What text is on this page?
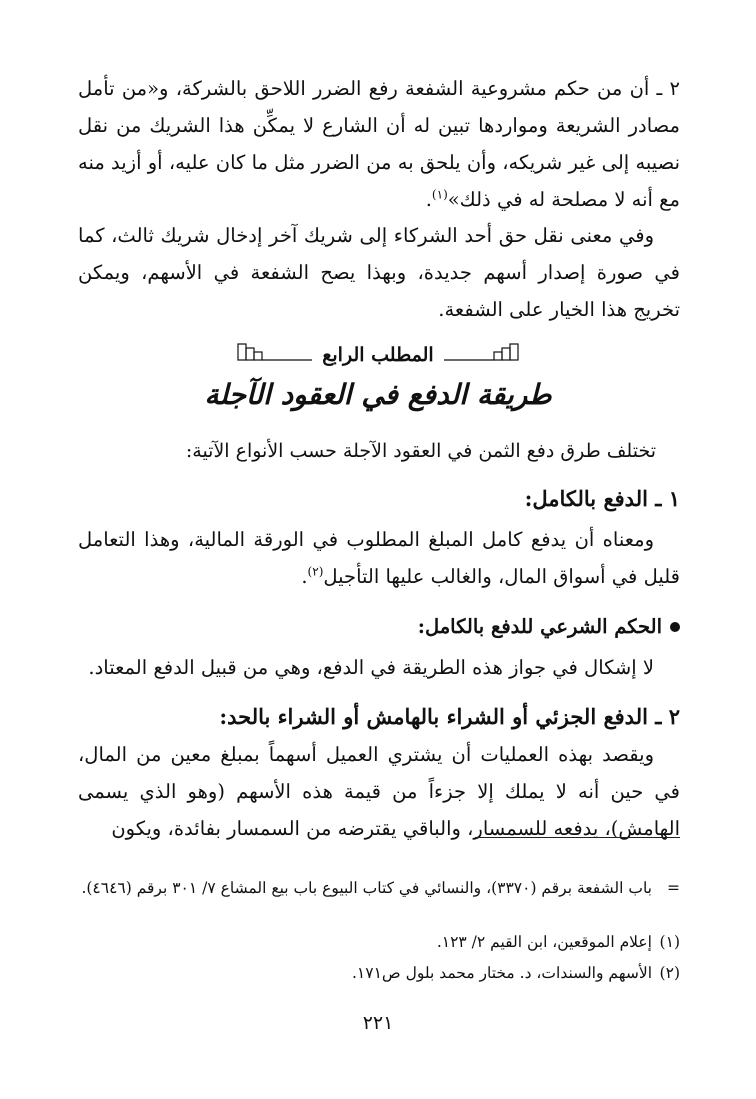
٢ ـ أن من حكم مشروعية الشفعة رفع الضرر اللاحق بالشركة، و«من تأمل مصادر الشريعة ومواردها تبين له أن الشارع لا يمكِّن هذا الشريك من نقل نصيبه إلى غير شريكه، وأن يلحق به من الضرر مثل ما كان عليه، أو أزيد منه مع أنه لا مصلحة له في ذلك»$^{(١)}$.

وفي معنى نقل حق أحد الشركاء إلى شريك آخر إدخال شريك ثالث، كما في صورة إصدار أسهم جديدة، وبهذا يصح الشفعة في الأسهم، ويمكن تخريج هذا الخيار على الشفعة.

المطلب الرابع
طريقة الدفع في العقود الآجلة

تختلف طرق دفع الثمن في العقود الآجلة حسب الأنواع الآتية:

١ ـ الدفع بالكامل:

ومعناه أن يدفع كامل المبلغ المطلوب في الورقة المالية، وهذا التعامل قليل في أسواق المال، والغالب عليها التأجيل$^{(٢)}$.

الحكم الشرعي للدفع بالكامل:

لا إشكال في جواز هذه الطريقة في الدفع، وهي من قبيل الدفع المعتاد.

٢ ـ الدفع الجزئي أو الشراء بالهامش أو الشراء بالحد:

ويقصد بهذه العمليات أن يشتري العميل أسهماً بمبلغ معين من المال، في حين أنه لا يملك إلا جزءاً من قيمة هذه الأسهم (وهو الذي يسمى الهامش)، يدفعه للسمسار، والباقي يقترضه من السمسار بفائدة، ويكون

=باب الشفعة برقم (٣٣٧٠)، والنسائي في كتاب البيوع باب بيع المشاع ٧/ ٣٠١ برقم (٤٦٤٦).

(١)إعلام الموقعين، ابن القيم ٢/ ١٢٣.

(٢)الأسهم والسندات، د. مختار محمد بلول ص١٧١.

٢٢١
